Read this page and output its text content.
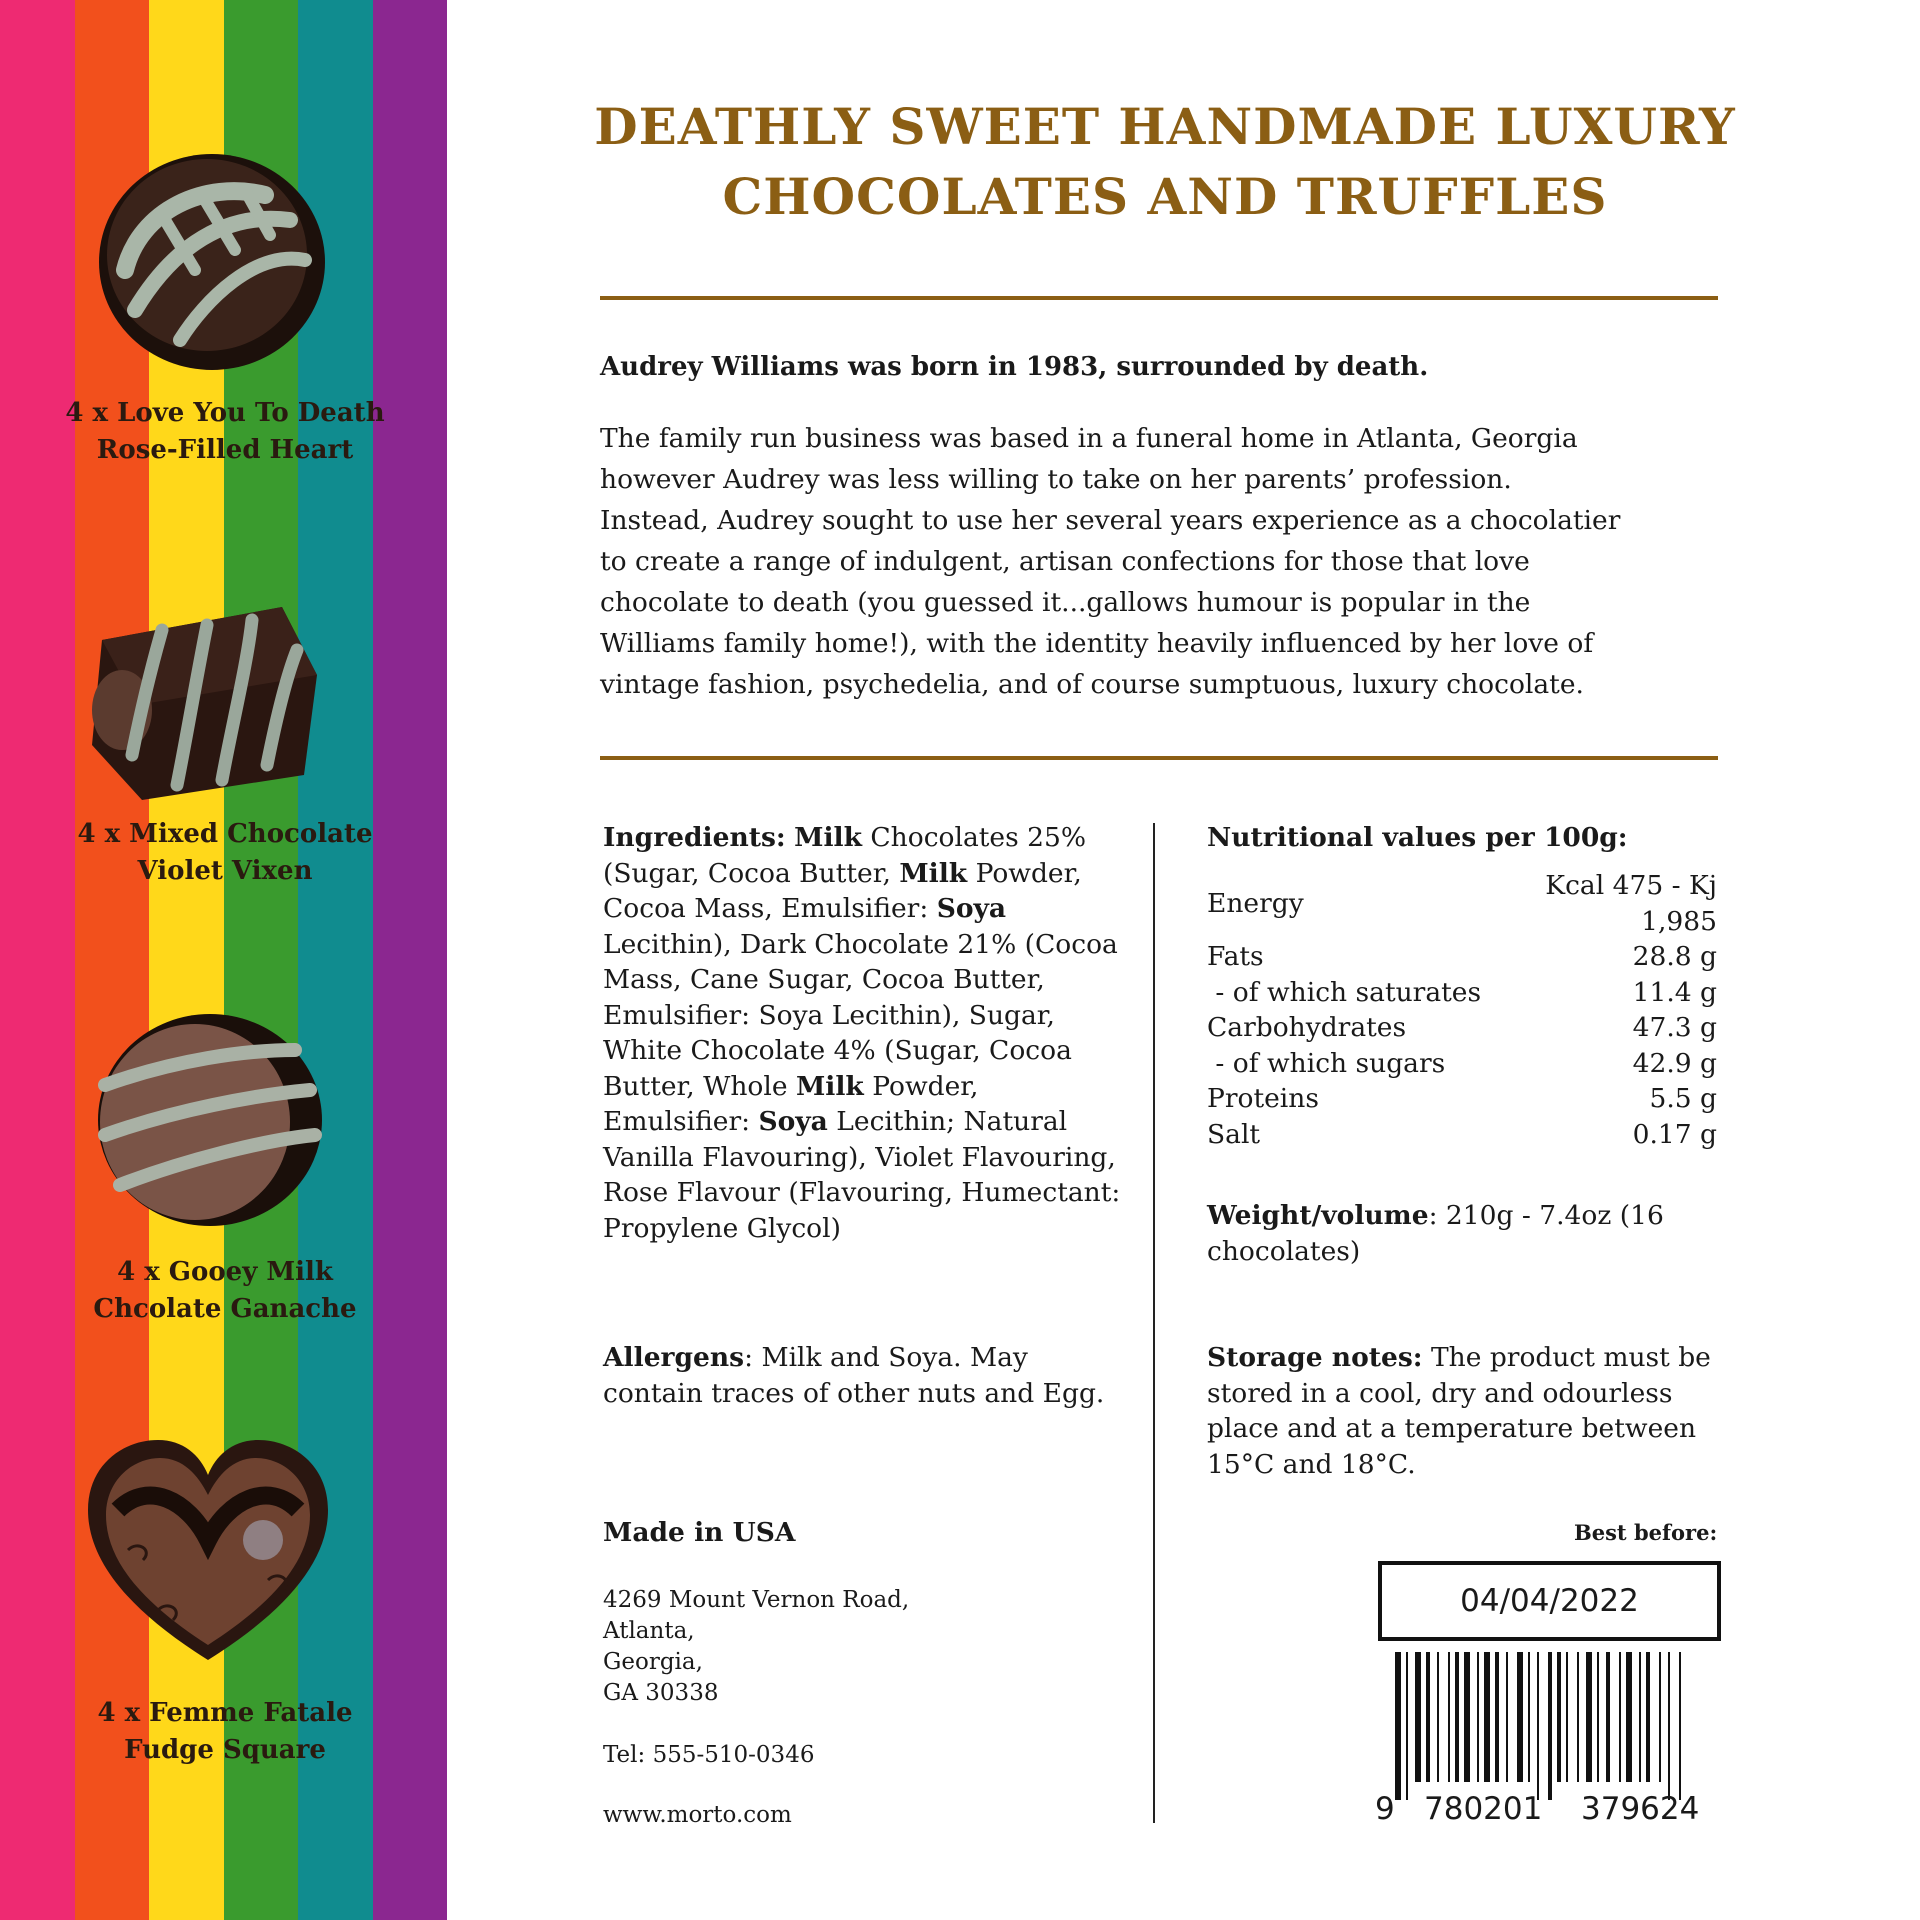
4 x Love You To Death
Rose-Filled Heart
4 x Mixed Chocolate
Violet Vixen
4 x Gooey Milk
Chcolate Ganache
4 x Femme Fatale
Fudge Square
DEATHLY SWEET HANDMADE LUXURY
CHOCOLATES AND TRUFFLES
Audrey Williams was born in 1983, surrounded by death.
The family run business was based in a funeral home in Atlanta, Georgia
however Audrey was less willing to take on her parents’ profession.
Instead, Audrey sought to use her several years experience as a chocolatier
to create a range of indulgent, artisan confections for those that love
chocolate to death (you guessed it...gallows humour is popular in the
Williams family home!), with the identity heavily influenced by her love of
vintage fashion, psychedelia, and of course sumptuous, luxury chocolate.
Ingredients: Milk Chocolates 25% (Sugar, Cocoa Butter, Milk Powder, Cocoa Mass, Emulsifier: Soya Lecithin), Dark Chocolate 21% (Cocoa Mass, Cane Sugar, Cocoa Butter, Emulsifier: Soya Lecithin), Sugar, White Chocolate 4% (Sugar, Cocoa Butter, Whole Milk Powder, Emulsifier: Soya Lecithin; Natural Vanilla Flavouring), Violet Flavouring, Rose Flavour (Flavouring, Humectant: Propylene Glycol)
Allergens: Milk and Soya. May contain traces of other nuts and Egg.
Made in USA
4269 Mount Vernon Road,
Atlanta,
Georgia,
GA 30338
Tel: 555-510-0346
www.morto.com
Nutritional values per 100g:
Energy	Kcal 475 - Kj 1,985
Fats	28.8 g
- of which saturates	11.4 g
Carbohydrates	47.3 g
- of which sugars	42.9 g
Proteins	5.5 g
Salt	0.17 g
Weight/volume: 210g - 7.4oz (16 chocolates)
Storage notes: The product must be stored in a cool, dry and odourless place and at a temperature between 15°C and 18°C.
Best before:
04/04/2022
9 780201 379624
